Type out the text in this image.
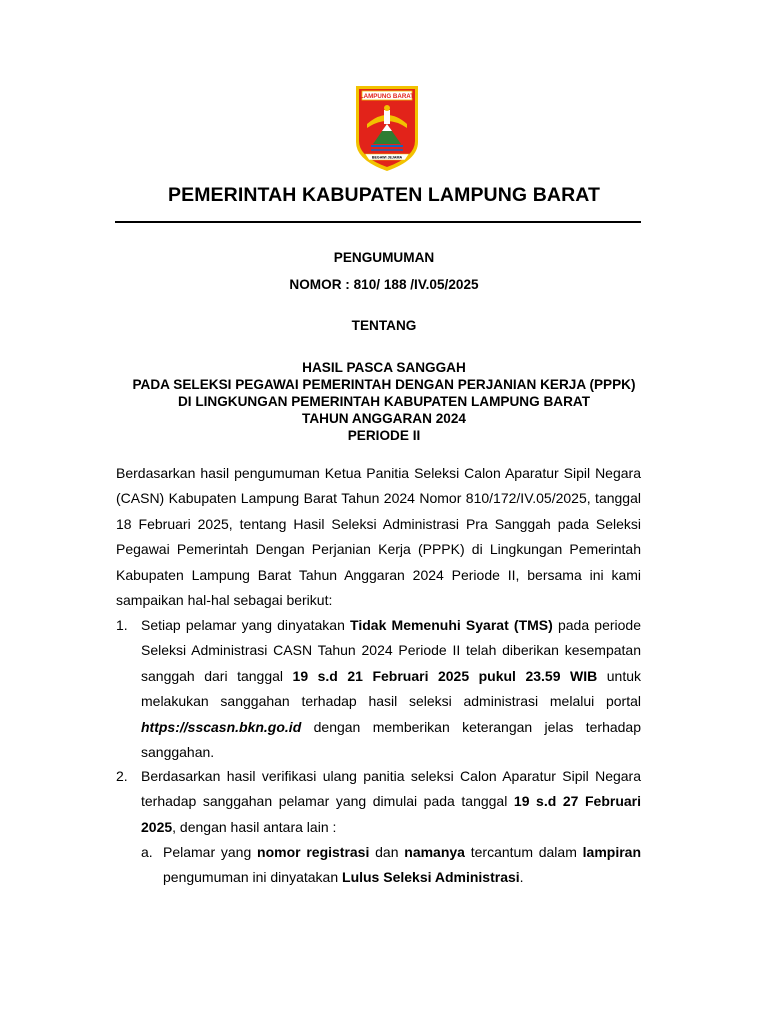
LAMPUNG BARAT
BEGAWI JEJAMA
PEMERINTAH KABUPATEN LAMPUNG BARAT
PENGUMUMAN
NOMOR : 810/ 188 /IV.05/2025
TENTANG
HASIL PASCA SANGGAH
PADA SELEKSI PEGAWAI PEMERINTAH DENGAN PERJANIAN KERJA (PPPK)
DI LINGKUNGAN PEMERINTAH KABUPATEN LAMPUNG BARAT
TAHUN ANGGARAN 2024
PERIODE II
Berdasarkan hasil pengumuman Ketua Panitia Seleksi Calon Aparatur Sipil Negara (CASN) Kabupaten Lampung Barat Tahun 2024 Nomor 810/172/IV.05/2025, tanggal 18 Februari 2025, tentang Hasil Seleksi Administrasi Pra Sanggah pada Seleksi Pegawai Pemerintah Dengan Perjanian Kerja (PPPK) di Lingkungan Pemerintah Kabupaten Lampung Barat Tahun Anggaran 2024 Periode II, bersama ini kami sampaikan hal-hal sebagai berikut:
1. Setiap pelamar yang dinyatakan Tidak Memenuhi Syarat (TMS) pada periode Seleksi Administrasi CASN Tahun 2024 Periode II telah diberikan kesempatan sanggah dari tanggal 19 s.d 21 Februari 2025 pukul 23.59 WIB untuk melakukan sanggahan terhadap hasil seleksi administrasi melalui portal https://sscasn.bkn.go.id dengan memberikan keterangan jelas terhadap sanggahan.
2. Berdasarkan hasil verifikasi ulang panitia seleksi Calon Aparatur Sipil Negara terhadap sanggahan pelamar yang dimulai pada tanggal 19 s.d 27 Februari 2025, dengan hasil antara lain :
a. Pelamar yang nomor registrasi dan namanya tercantum dalam lampiran pengumuman ini dinyatakan Lulus Seleksi Administrasi.
